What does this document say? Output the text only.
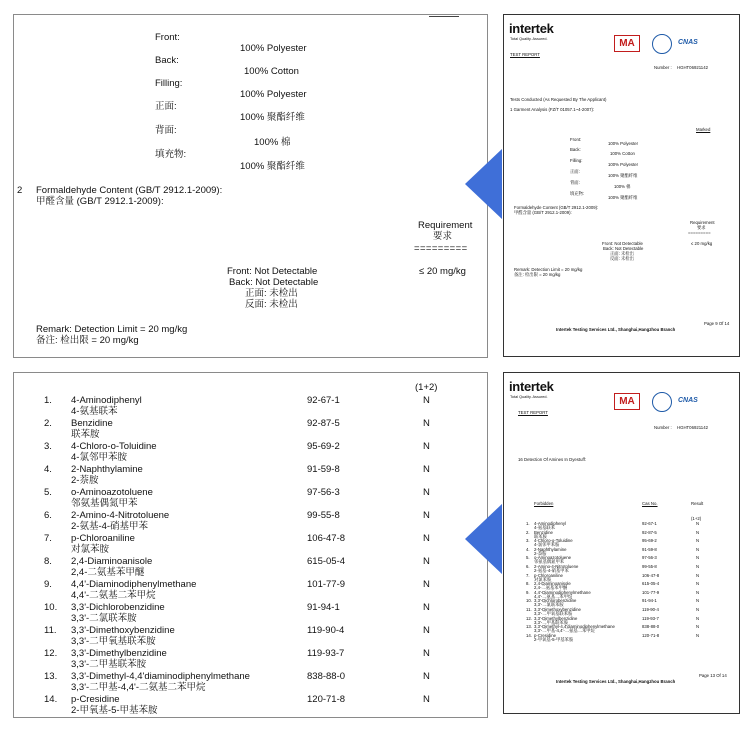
Front:
100% Polyester
Back:
100% Cotton
Filling:
100% Polyester
正面:
100% 聚酯纤维
背面:
100% 棉
填充物:
100% 聚酯纤维
2 Formaldehyde Content (GB/T 2912.1-2009):
甲醛含量 (GB/T 2912.1-2009):
Requirement
要求
=========
Front: Not Detectable
Back: Not Detectable
正面: 未检出
反面: 未检出
≤ 20 mg/kg
Remark: Detection Limit = 20 mg/kg
备注: 检出限 = 20 mg/kg
(1+2)
1. 4-Aminodiphenyl
4-氨基联苯
92-67-1	N
2. Benzidine
联苯胺
92-87-5	N
3. 4-Chloro-o-Toluidine
4-氯邻甲苯胺
95-69-2	N
4. 2-Naphthylamine
2-萘胺
91-59-8	N
5. o-Aminoazotoluene
邻氨基偶氮甲苯
97-56-3	N
6. 2-Amino-4-Nitrotoluene
2-氨基-4-硝基甲苯
99-55-8	N
7. p-Chloroaniline
对氯苯胺
106-47-8	N
8. 2,4-Diaminoanisole
2,4-二氨基苯甲醚
615-05-4	N
9. 4,4'-Diaminodiphenylmethane
4,4'-二氨基二苯甲烷
101-77-9	N
10. 3,3'-Dichlorobenzidine
3,3'-二氯联苯胺
91-94-1	N
11. 3,3'-Dimethoxybenzidine
3,3'-二甲氧基联苯胺
119-90-4	N
12. 3,3'-Dimethylbenzidine
3,3'-二甲基联苯胺
119-93-7	N
13. 3,3'-Dimethyl-4,4'diaminodiphenylmethane
3,3'-二甲基-4,4'-二氨基二苯甲烷
838-88-0	N
14. p-Cresidine
2-甲氧基-5-甲基苯胺
120-71-8	N
intertek
Total Quality. Assured.	MA	CNAS
TEST REPORT
Number : HGHT06921142
Tests Conducted (As Requested By The Applicant)
1 Garment Analysis (FZ/T 01057.1~4-2007):
Marked
Front:
100% Polyester
Back:
100% Cotton
Filling:
100% Polyester
正面:
100% 聚酯纤维
背面:
100% 棉
填充物:
100% 聚酯纤维
Formaldehyde Content (GB/T 2912.1-2009):
甲醛含量 (GB/T 2912.1-2009):
Requirement
要求
=========
Front: Not Detectable
Back: Not Detectable
正面: 未检出
反面: 未检出
≤ 20 mg/kg
Remark: Detection Limit = 20 mg/kg
备注: 检出限 = 20 mg/kg
Page 9 Of 14
Intertek Testing Services Ltd., Shanghai,Hangzhou Branch
intertek
Total Quality. Assured.	MA	CNAS
TEST REPORT
Number : HGHT06921142
16 Detection Of Amines In Dyestuff:
Forbidden	Cas No.	Result
(1+2)
1. 4-Aminodiphenyl
4-氨基联苯
92-67-1	N
2. Benzidine
联苯胺
92-87-5	N
3. 4-Chloro-o-Toluidine
4-氯邻甲苯胺
95-69-2	N
4. 2-Naphthylamine
2-萘胺
91-59-8	N
5. o-Aminoazotoluene
邻氨基偶氮甲苯
97-56-3	N
6. 2-Amino-4-Nitrotoluene
2-氨基-4-硝基甲苯
99-55-8	N
7. p-Chloroaniline
对氯苯胺
106-47-8	N
8. 2,4-Diaminoanisole
2,4-二氨基苯甲醚
615-05-4	N
9. 4,4'-Diaminodiphenylmethane
4,4'-二氨基二苯甲烷
101-77-9	N
10. 3,3'-Dichlorobenzidine
3,3'-二氯联苯胺
91-94-1	N
11. 3,3'-Dimethoxybenzidine
3,3'-二甲氧基联苯胺
119-90-4	N
12. 3,3'-Dimethylbenzidine
3,3'-二甲基联苯胺
119-93-7	N
13. 3,3'-Dimethyl-4,4'diaminodiphenylmethane
3,3'-二甲基-4,4'-二氨基二苯甲烷
838-88-0	N
14. p-Cresidine
2-甲氧基-5-甲基苯胺
120-71-8	N
Page 13 Of 14
Intertek Testing Services Ltd., Shanghai,Hangzhou Branch
